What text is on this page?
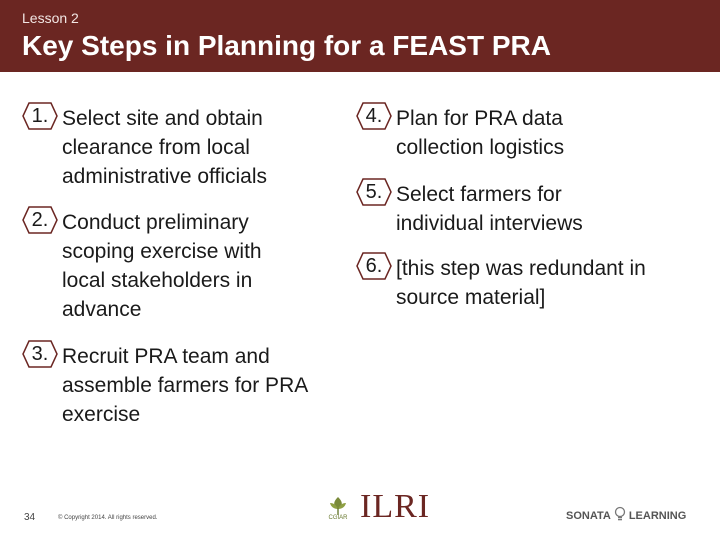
Lesson 2
Key Steps in Planning for a FEAST PRA
1. Select site and obtain clearance from local administrative officials
2. Conduct preliminary scoping exercise with local stakeholders in advance
3. Recruit PRA team and assemble farmers for PRA exercise
4. Plan for PRA data collection logistics
5. Select farmers for individual interviews
6. [this step was redundant in source material]
34	© Copyright 2014. All rights reserved.	CGIAR ILRI	SONATA LEARNING
